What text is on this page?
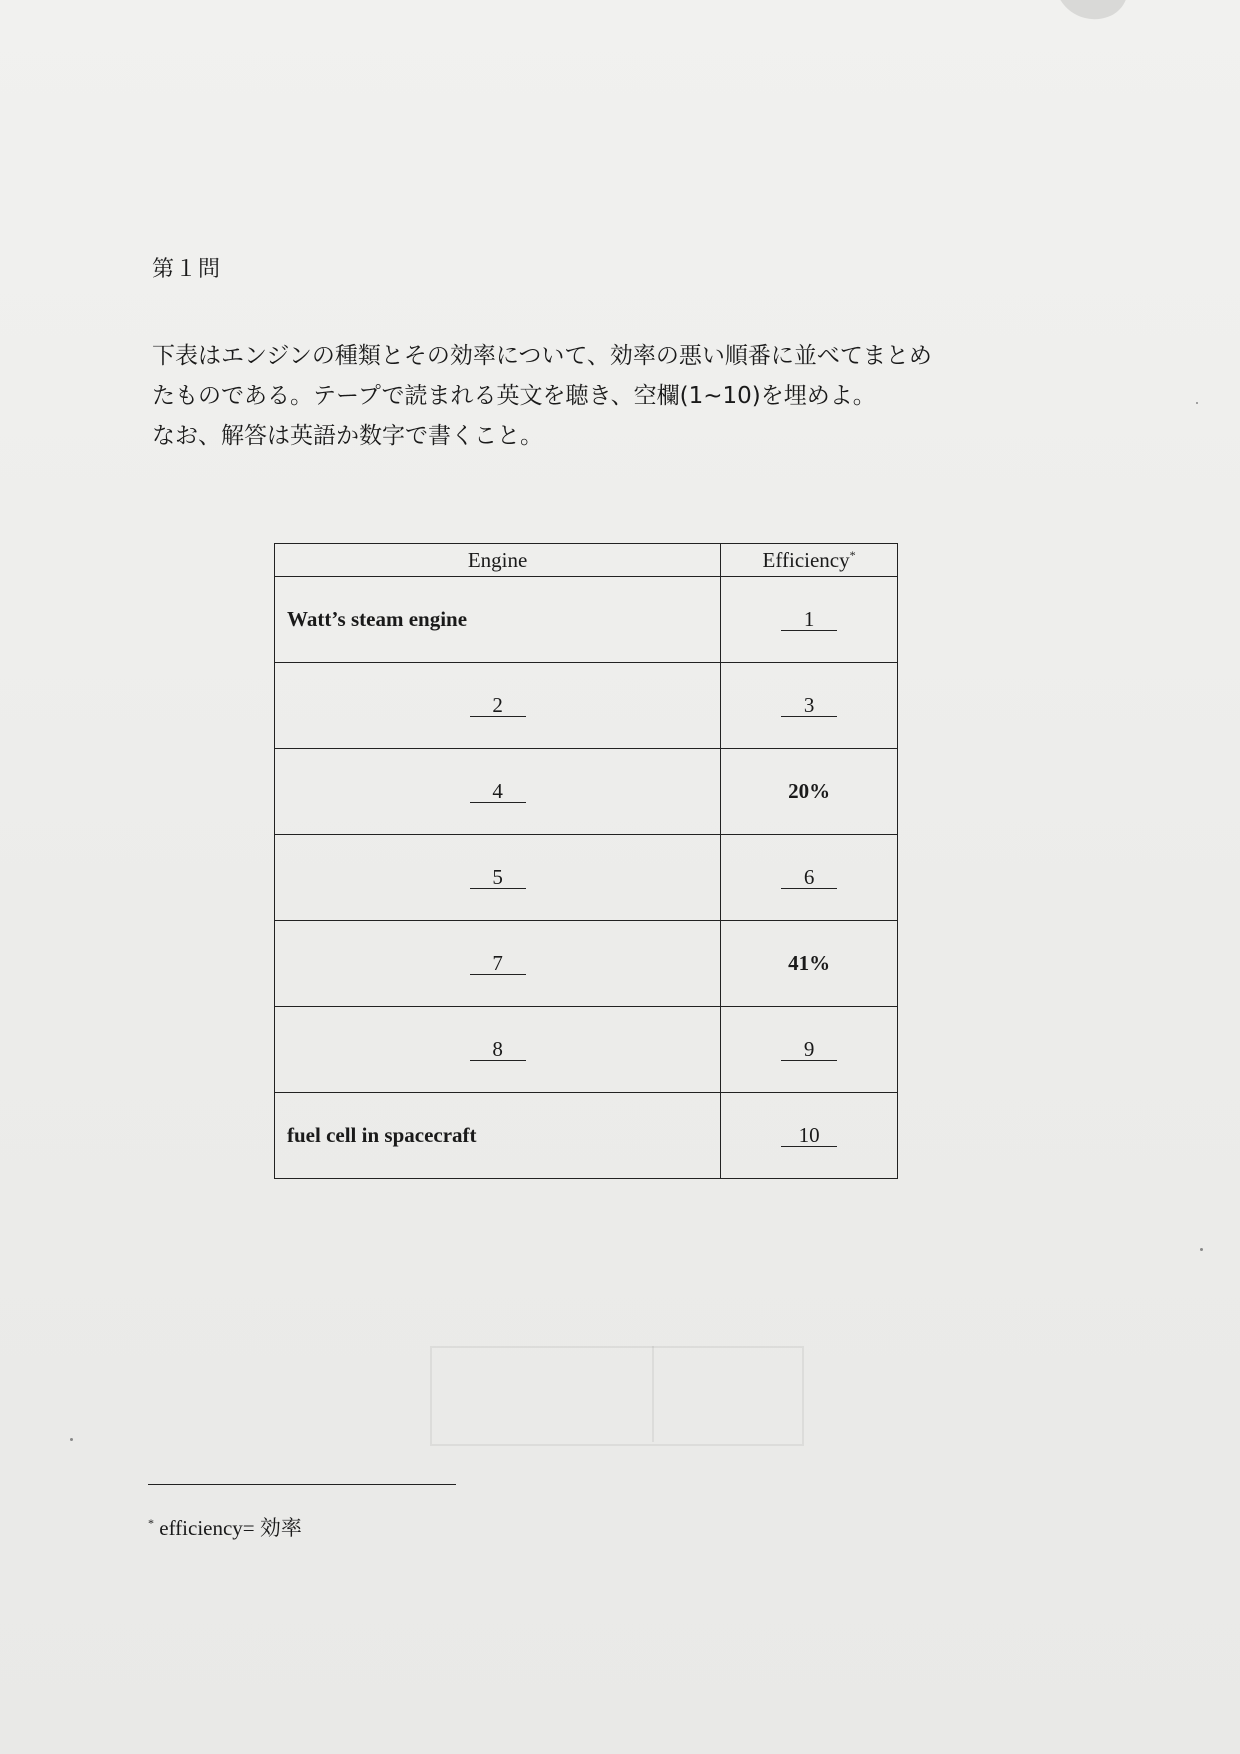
第１問

下表はエンジンの種類とその効率について、効率の悪い順番に並べてまとめ

たものである。テープで読まれる英文を聴き、空欄(1~10)を埋めよ。

なお、解答は英語か数字で書くこと。

Engine	Efficiency*
Watt’s steam engine	1
2	3
4	20%
5	6
7	41%
8	9
fuel cell in spacecraft	10
* efficiency= 効率
